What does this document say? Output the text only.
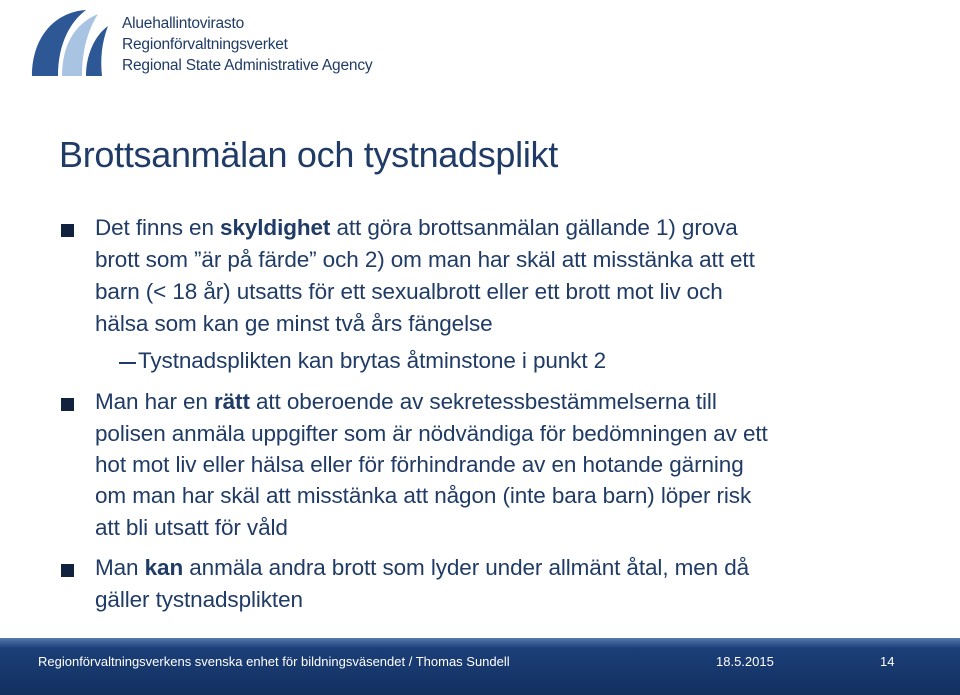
Aluehallintovirasto
Regionförvaltningsverket
Regional State Administrative Agency
Brottsanmälan och tystnadsplikt
Det finns en skyldighet att göra brottsanmälan gällande 1) grova
brott som ”är på färde” och 2) om man har skäl att misstänka att ett
barn (< 18 år) utsatts för ett sexualbrott eller ett brott mot liv och
hälsa som kan ge minst två års fängelse
Tystnadsplikten kan brytas åtminstone i punkt 2
Man har en rätt att oberoende av sekretessbestämmelserna till
polisen anmäla uppgifter som är nödvändiga för bedömningen av ett
hot mot liv eller hälsa eller för förhindrande av en hotande gärning
om man har skäl att misstänka att någon (inte bara barn) löper risk
att bli utsatt för våld
Man kan anmäla andra brott som lyder under allmänt åtal, men då
gäller tystnadsplikten
Regionförvaltningsverkens svenska enhet för bildningsväsendet / Thomas Sundell	18.5.2015	14
